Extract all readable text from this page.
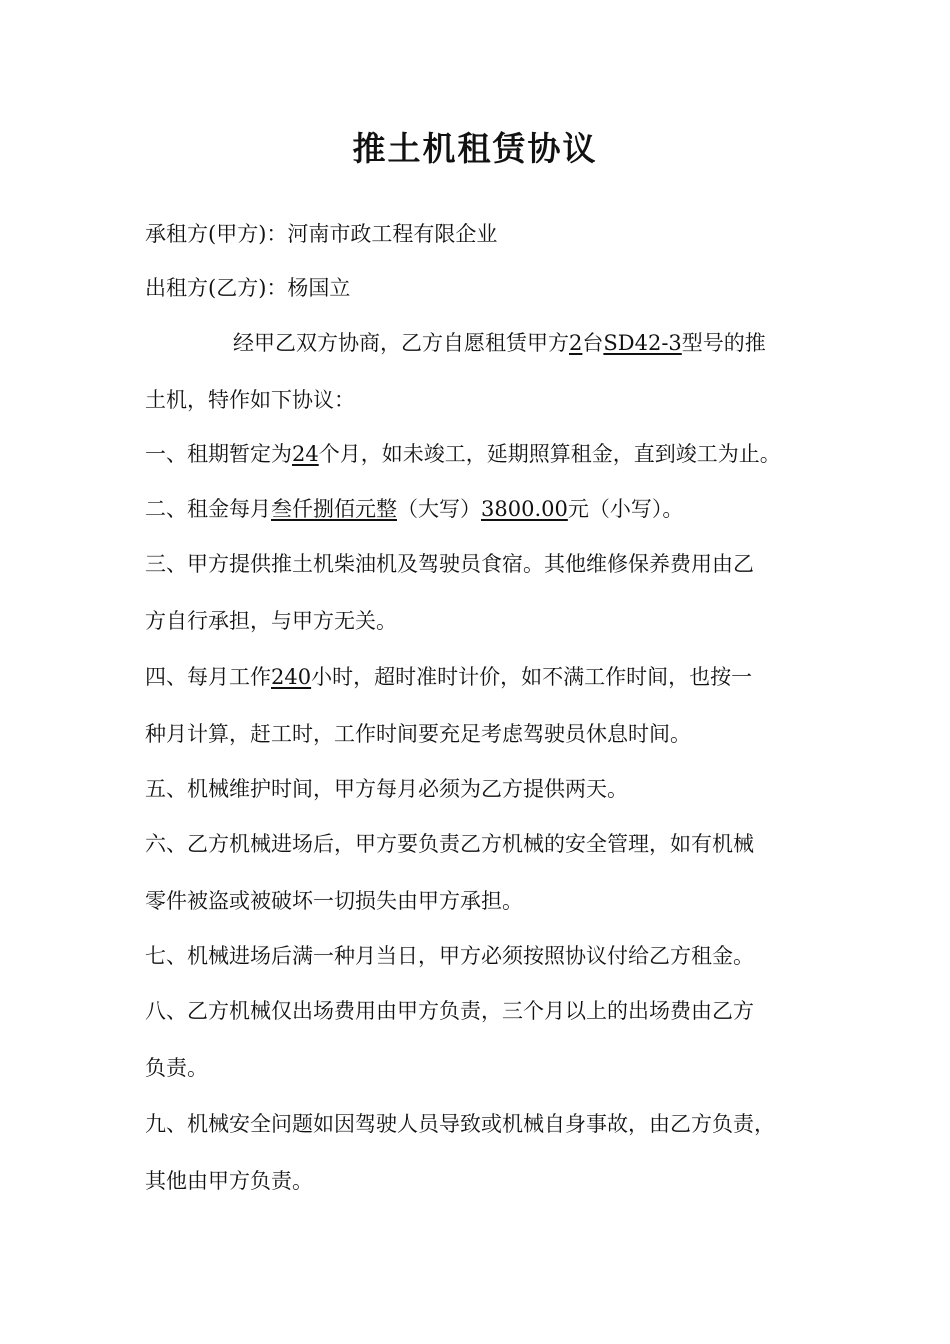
推土机租赁协议
承租方(甲方)：河南市政工程有限企业
出租方(乙方)：杨国立
经甲乙双方协商，乙方自愿租赁甲方2台SD42-3型号的推
土机，特作如下协议：
一、租期暂定为24个月，如未竣工，延期照算租金，直到竣工为止。
二、租金每月叁仟捌佰元整（大写）3800.00元（小写）。
三、甲方提供推土机柴油机及驾驶员食宿。其他维修保养费用由乙
方自行承担，与甲方无关。
四、每月工作240小时，超时准时计价，如不满工作时间，也按一
种月计算，赶工时，工作时间要充足考虑驾驶员休息时间。
五、机械维护时间，甲方每月必须为乙方提供两天。
六、乙方机械进场后，甲方要负责乙方机械的安全管理，如有机械
零件被盗或被破坏一切损失由甲方承担。
七、机械进场后满一种月当日，甲方必须按照协议付给乙方租金。
八、乙方机械仅出场费用由甲方负责，三个月以上的出场费由乙方
负责。
九、机械安全问题如因驾驶人员导致或机械自身事故，由乙方负责，
其他由甲方负责。
